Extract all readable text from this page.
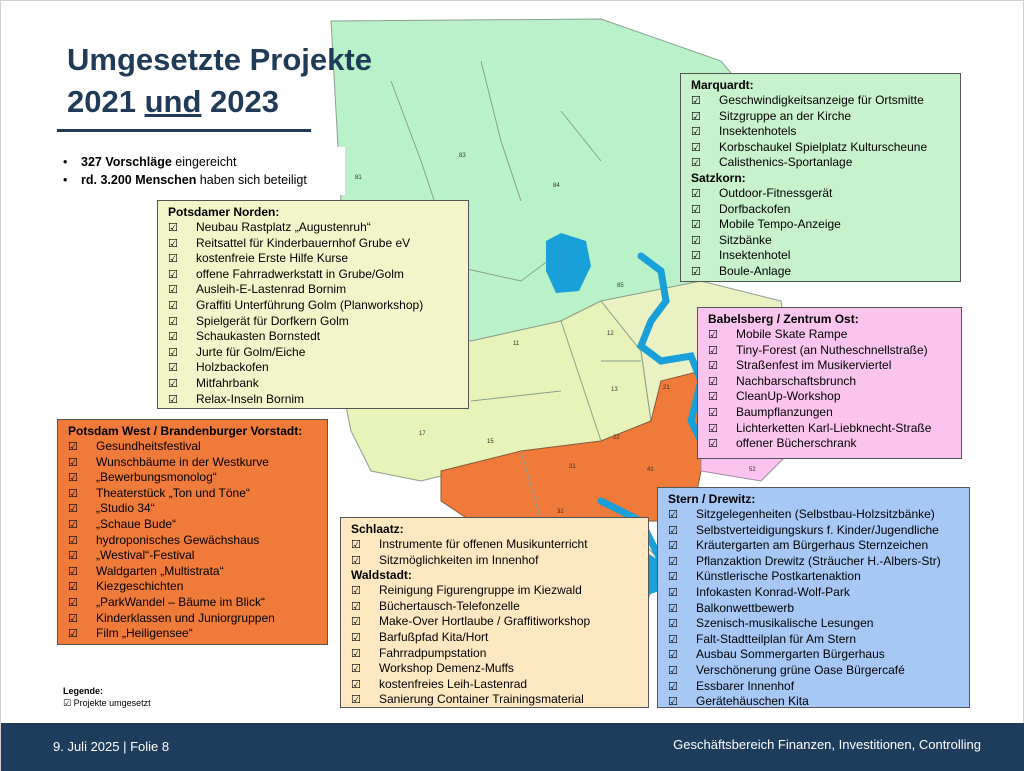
83
84
81
85
11
12
13
17
15
21
22
31	41	52
32
Umgesetzte Projekte
2021 und 2023
• 327 Vorschläge eingereicht
• rd. 3.200 Menschen haben sich beteiligt
Potsdamer Norden:
☑ Neubau Rastplatz „Augustenruh“
☑ Reitsattel für Kinderbauernhof Grube eV
☑ kostenfreie Erste Hilfe Kurse
☑ offene Fahrradwerkstatt in Grube/Golm
☑ Ausleih-E-Lastenrad Bornim
☑ Graffiti Unterführung Golm (Planworkshop)
☑ Spielgerät für Dorfkern Golm
☑ Schaukasten Bornstedt
☑ Jurte für Golm/Eiche
☑ Holzbackofen
☑ Mitfahrbank
☑ Relax-Inseln Bornim
Marquardt:
☑ Geschwindigkeitsanzeige für Ortsmitte
☑ Sitzgruppe an der Kirche
☑ Insektenhotels
☑ Korbschaukel Spielplatz Kulturscheune
☑ Calisthenics-Sportanlage
Satzkorn:
☑ Outdoor-Fitnessgerät
☑ Dorfbackofen
☑ Mobile Tempo-Anzeige
☑ Sitzbänke
☑ Insektenhotel
☑ Boule-Anlage
Babelsberg / Zentrum Ost:
☑ Mobile Skate Rampe
☑ Tiny-Forest (an Nutheschnellstraße)
☑ Straßenfest im Musikerviertel
☑ Nachbarschaftsbrunch
☑ CleanUp-Workshop
☑ Baumpflanzungen
☑ Lichterketten Karl-Liebknecht-Straße
☑ offener Bücherschrank
Potsdam West / Brandenburger Vorstadt:
☑ Gesundheitsfestival
☑ Wunschbäume in der Westkurve
☑ „Bewerbungsmonolog“
☑ Theaterstück „Ton und Töne“
☑ „Studio 34“
☑ „Schaue Bude“
☑ hydroponisches Gewächshaus
☑ „Westival“-Festival
☑ Waldgarten „Multistrata“
☑ Kiezgeschichten
☑ „ParkWandel – Bäume im Blick“
☑ Kinderklassen und Juniorgruppen
☑ Film „Heiligensee“
Schlaatz:
☑ Instrumente für offenen Musikunterricht
☑ Sitzmöglichkeiten im Innenhof
Waldstadt:
☑ Reinigung Figurengruppe im Kiezwald
☑ Büchertausch-Telefonzelle
☑ Make-Over Hortlaube / Graffitiworkshop
☑ Barfußpfad Kita/Hort
☑ Fahrradpumpstation
☑ Workshop Demenz-Muffs
☑ kostenfreies Leih-Lastenrad
☑ Sanierung Container Trainingsmaterial
Stern / Drewitz:
☑ Sitzgelegenheiten (Selbstbau-Holzsitzbänke)
☑ Selbstverteidigungskurs f. Kinder/Jugendliche
☑ Kräutergarten am Bürgerhaus Sternzeichen
☑ Pflanzaktion Drewitz (Sträucher H.-Albers-Str)
☑ Künstlerische Postkartenaktion
☑ Infokasten Konrad-Wolf-Park
☑ Balkonwettbewerb
☑ Szenisch-musikalische Lesungen
☑ Falt-Stadtteilplan für Am Stern
☑ Ausbau Sommergarten Bürgerhaus
☑ Verschönerung grüne Oase Bürgercafé
☑ Essbarer Innenhof
☑ Gerätehäuschen Kita
Legende:
☑ Projekte umgesetzt
9. Juli 2025 | Folie 8	Geschäftsbereich Finanzen, Investitionen, Controlling
